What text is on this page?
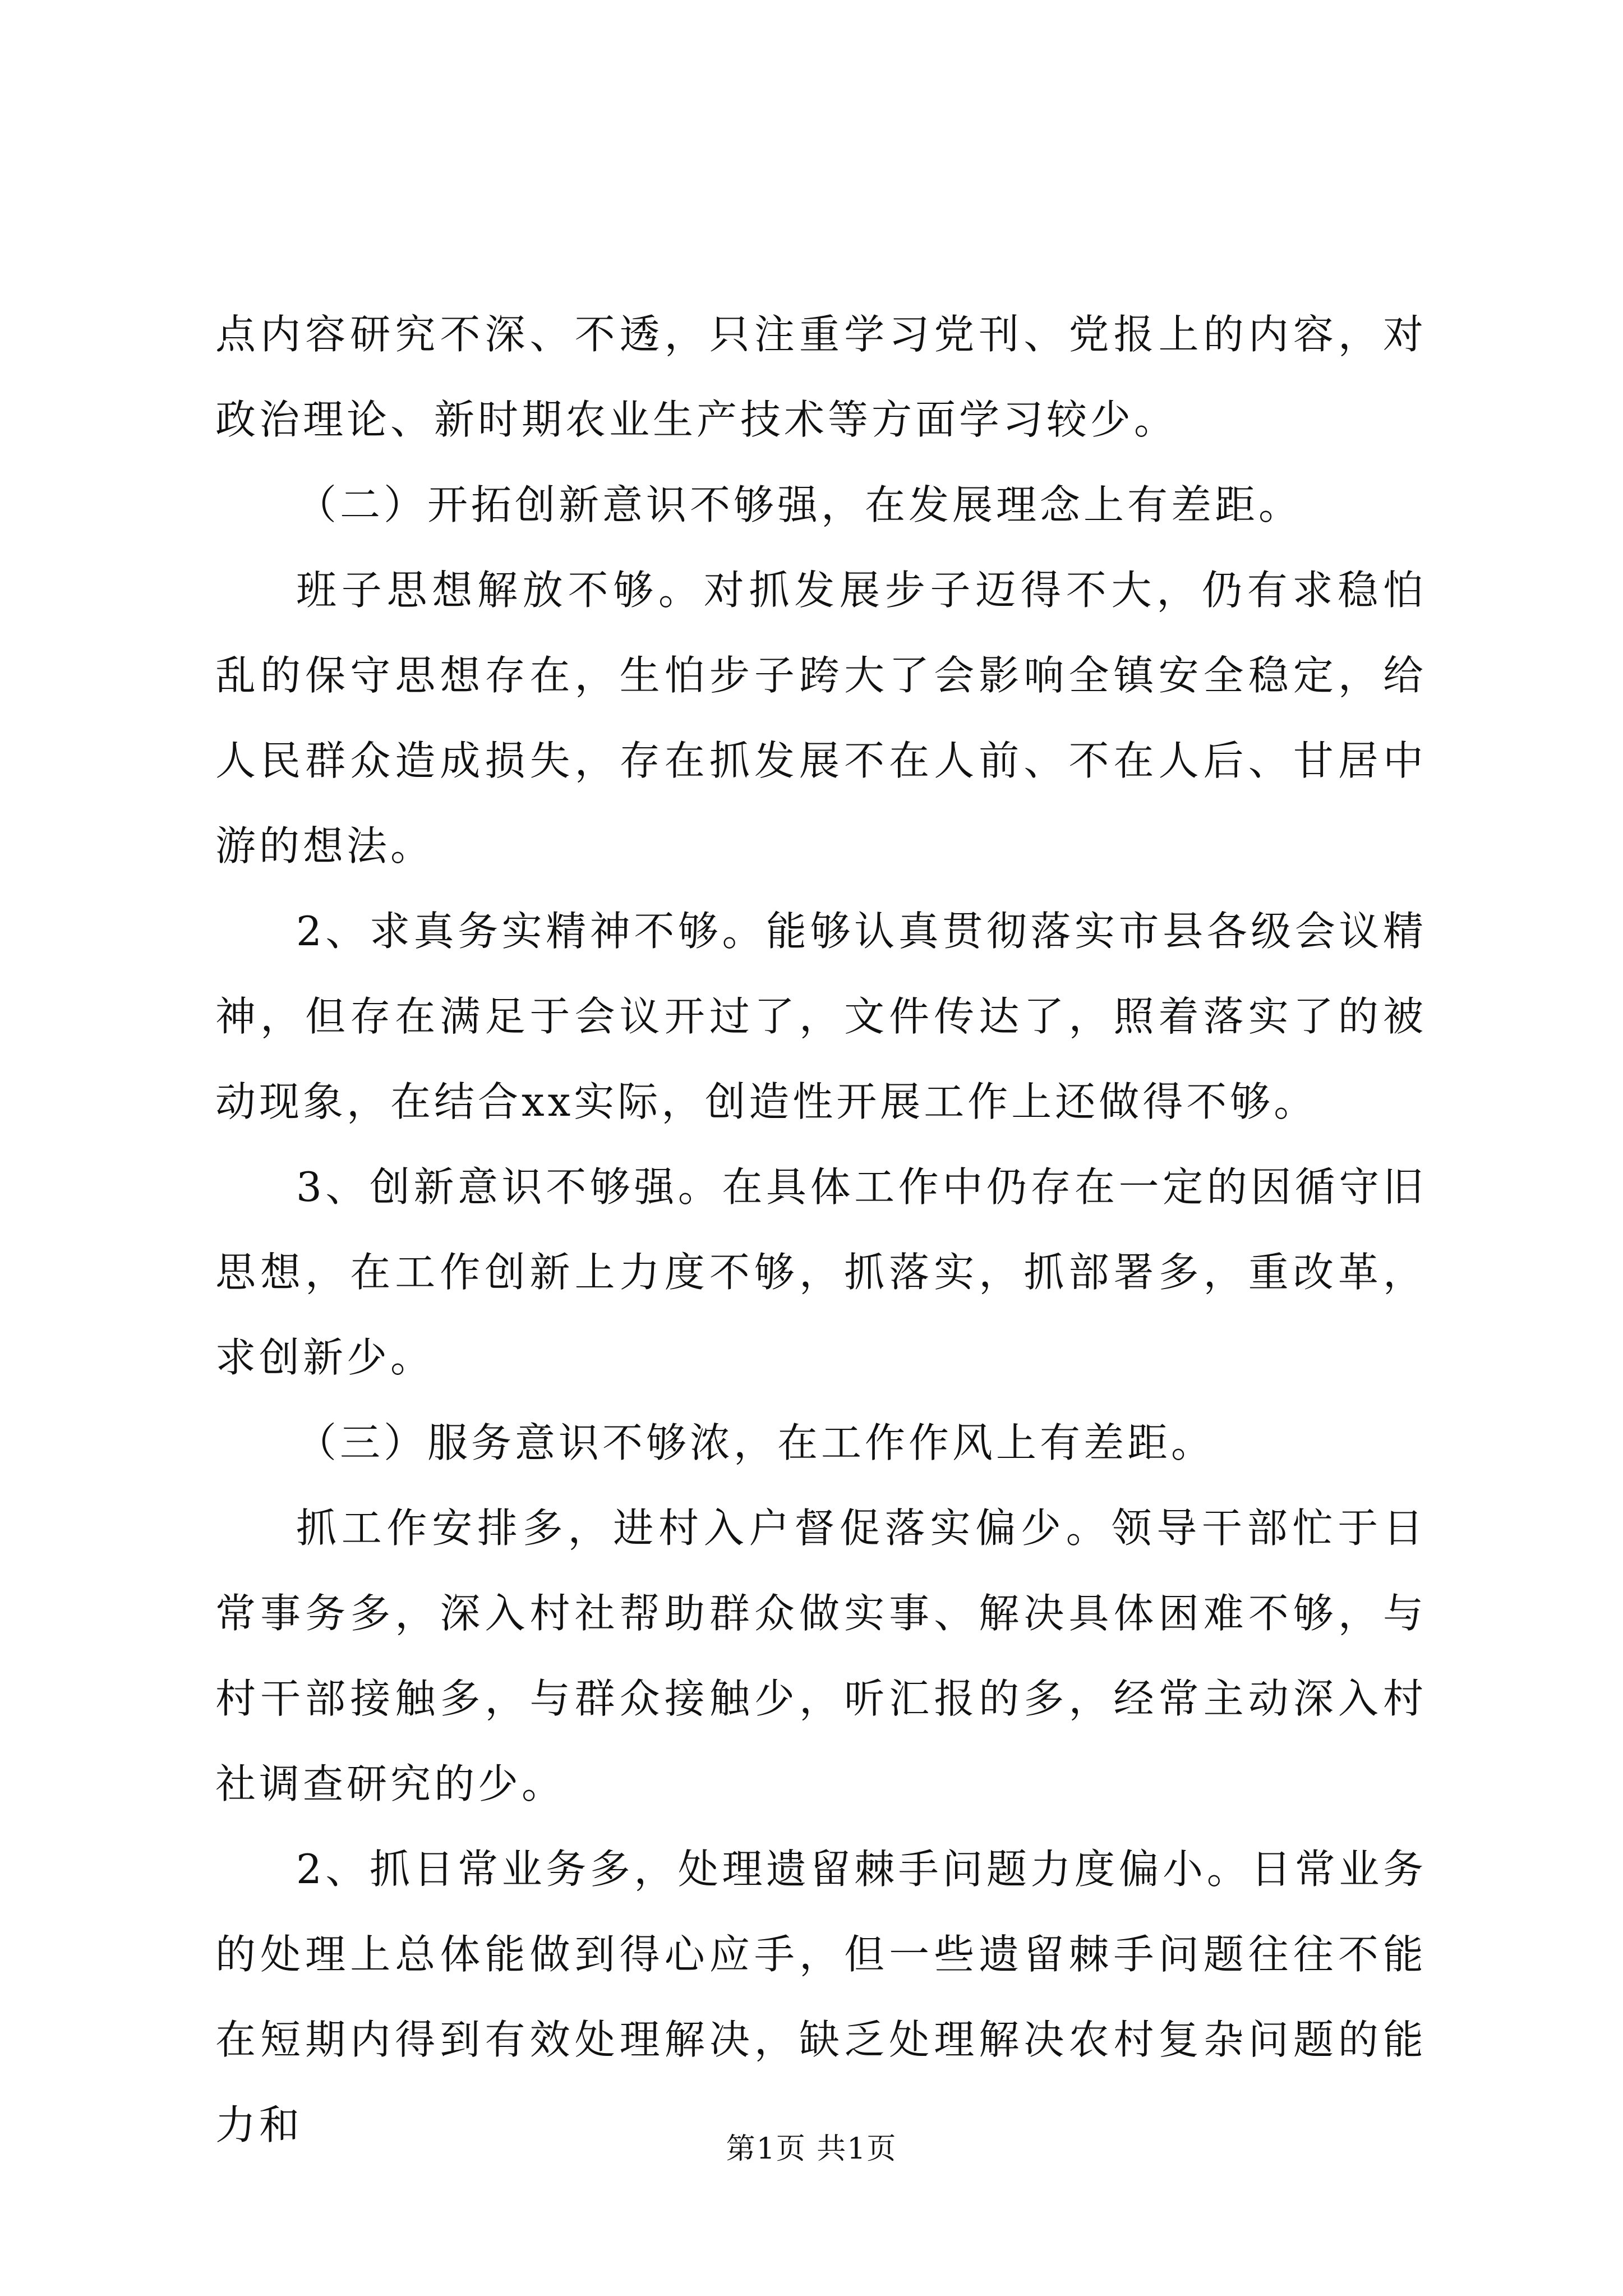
点内容研究不深、不透，只注重学习党刊、党报上的内容，对政治理论、新时期农业生产技术等方面学习较少。

（二）开拓创新意识不够强，在发展理念上有差距。

班子思想解放不够。对抓发展步子迈得不大，仍有求稳怕乱的保守思想存在，生怕步子跨大了会影响全镇安全稳定，给人民群众造成损失，存在抓发展不在人前、不在人后、甘居中游的想法。

2、求真务实精神不够。能够认真贯彻落实市县各级会议精神，但存在满足于会议开过了，文件传达了，照着落实了的被动现象，在结合xx实际，创造性开展工作上还做得不够。

3、创新意识不够强。在具体工作中仍存在一定的因循守旧思想，在工作创新上力度不够，抓落实，抓部署多，重改革，求创新少。

（三）服务意识不够浓，在工作作风上有差距。

抓工作安排多，进村入户督促落实偏少。领导干部忙于日常事务多，深入村社帮助群众做实事、解决具体困难不够，与村干部接触多，与群众接触少，听汇报的多，经常主动深入村社调查研究的少。

2、抓日常业务多，处理遗留棘手问题力度偏小。日常业务的处理上总体能做到得心应手，但一些遗留棘手问题往往不能在短期内得到有效处理解决，缺乏处理解决农村复杂问题的能力和

第1页 共1页
